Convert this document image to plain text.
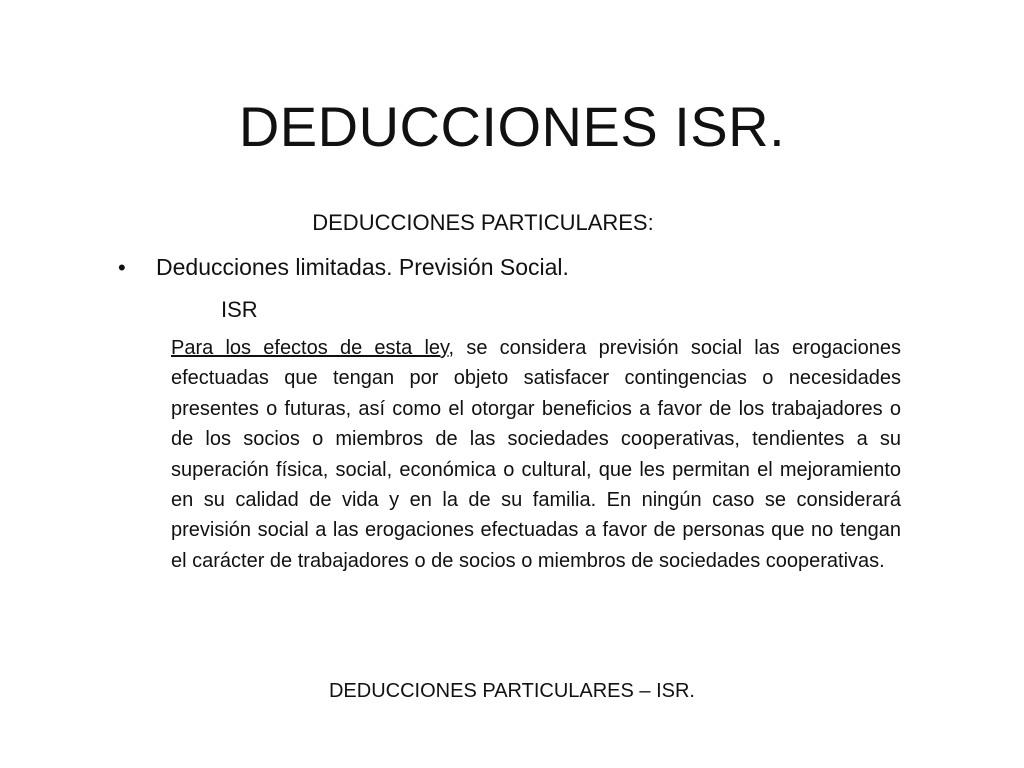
DEDUCCIONES ISR.
DEDUCCIONES PARTICULARES:
• Deducciones limitadas. Previsión Social.
ISR
Para los efectos de esta ley, se considera previsión social las erogaciones efectuadas que tengan por objeto satisfacer contingencias o necesidades presentes o futuras, así como el otorgar beneficios a favor de los trabajadores o de los socios o miembros de las sociedades cooperativas, tendientes a su superación física, social, económica o cultural, que les permitan el mejoramiento en su calidad de vida y en la de su familia. En ningún caso se considerará previsión social a las erogaciones efectuadas a favor de personas que no tengan el carácter de trabajadores o de socios o miembros de sociedades cooperativas.
DEDUCCIONES PARTICULARES – ISR.
